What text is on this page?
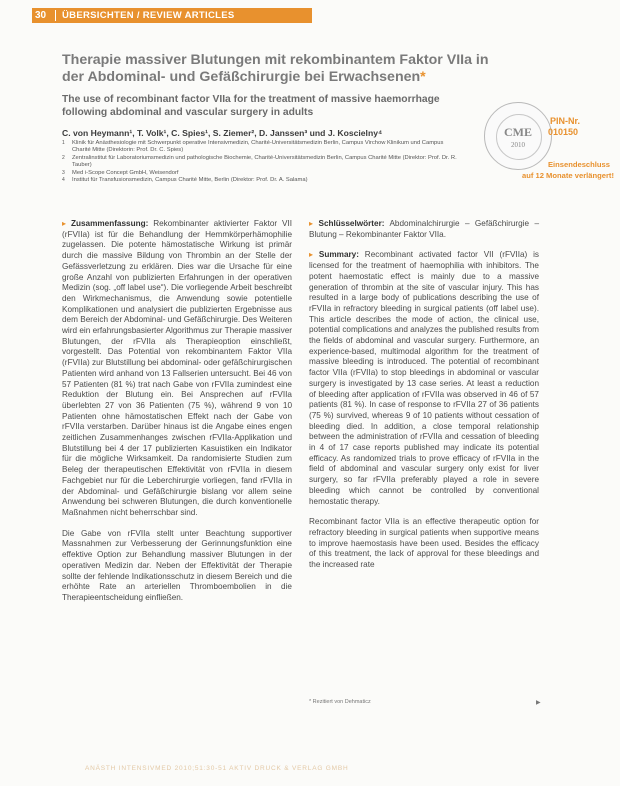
30 ÜBERSICHTEN / REVIEW ARTICLES
Therapie massiver Blutungen mit rekombinantem Faktor VIIa in der Abdominal- und Gefäßchirurgie bei Erwachsenen*
The use of recombinant factor VIIa for the treatment of massive haemorrhage following abdominal and vascular surgery in adults

C. von Heymann¹, T. Volk¹, C. Spies¹, S. Ziemer², D. Janssen³ und J. Koscielny⁴

1 Klinik für Anästhesiologie mit Schwerpunkt operative Intensivmedizin, Charité-Universitätsmedizin Berlin, Campus Virchow Klinikum und Campus Charité Mitte (Direktorin: Prof. Dr. C. Spies)
2 Zentralinstitut für Laboratoriumsmedizin und pathologische Biochemie, Charité-Universitätsmedizin Berlin, Campus Charité Mitte (Direktor: Prof. Dr. R. Tauber)
3 Med i-Scope Concept GmbH, Weisendorf
4 Institut für Transfusionsmedizin, Campus Charité Mitte, Berlin (Direktor: Prof. Dr. A. Salama)
CME
2010
PIN-Nr.
010150
Einsendeschluss
auf 12 Monate verlängert!

▸ Zusammenfassung: Rekombinanter aktivierter Faktor VII (rFVIIa) ist für die Behandlung der Hemmkörperhämophilie zugelassen. Die potente hämostatische Wirkung ist primär durch die massive Bildung von Thrombin an der Stelle der Gefässverletzung zu erklären. Dies war die Ursache für eine große Anzahl von publizierten Erfahrungen in der operativen Medizin (sog. „off label use“). Die vorliegende Arbeit beschreibt den Wirkmechanismus, die Anwendung sowie potentielle Komplikationen und analysiert die publizierten Ergebnisse aus dem Bereich der Abdominal- und Gefäßchirurgie. Des Weiteren wird ein erfahrungsbasierter Algorithmus zur Therapie massiver Blutungen, der rFVIIa als Therapieoption einschließt, vorgestellt. Das Potential von rekombinantem Faktor VIIa (rFVIIa) zur Blutstillung bei abdominal- oder gefäßchirurgischen Patienten wird anhand von 13 Fallserien untersucht. Bei 46 von 57 Patienten (81 %) trat nach Gabe von rFVIIa zumindest eine Reduktion der Blutung ein. Bei Ansprechen auf rFVIIa überlebten 27 von 36 Patienten (75 %), während 9 von 10 Patienten ohne hämostatischen Effekt nach der Gabe von rFVIIa verstarben. Darüber hinaus ist die Angabe eines engen zeitlichen Zusammenhanges zwischen rFVIIa-Applikation und Blutstillung bei 4 der 17 publizierten Kasuistiken ein Indikator für die mögliche Wirksamkeit. Da randomisierte Studien zum Beleg der therapeutischen Effektivität von rFVIIa in diesem Fachgebiet nur für die Leberchirurgie vorliegen, fand rFVIIa in der Abdominal- und Gefäßchirurgie bislang vor allem seine Anwendung bei schweren Blutungen, die durch konventionelle Maßnahmen nicht beherrschbar sind.

Die Gabe von rFVIIa stellt unter Beachtung supportiver Massnahmen zur Verbesserung der Gerinnungsfunktion eine effektive Option zur Behandlung massiver Blutungen in der operativen Medizin dar. Neben der Effektivität der Therapie sollte der fehlende Indikationsschutz in diesem Bereich und die erhöhte Rate an arteriellen Thromboembolien in die Therapieentscheidung einfließen.

▸ Schlüsselwörter: Abdominalchirurgie – Gefäßchirurgie – Blutung – Rekombinanter Faktor VIIa.

▸ Summary: Recombinant activated factor VII (rFVIIa) is licensed for the treatment of haemophilia with inhibitors. The potent haemostatic effect is mainly due to a massive generation of thrombin at the site of vascular injury. This has resulted in a large body of publications describing the use of rFVIIa in refractory bleeding in surgical patients (off label use). This article describes the mode of action, the clinical use, potential complications and analyzes the published results from the fields of abdominal and vascular surgery. Furthermore, an experience-based, multimodal algorithm for the treatment of massive bleeding is introduced. The potential of recombinant factor VIIa (rFVIIa) to stop bleedings in abdominal or vascular surgery is investigated by 13 case series. At least a reduction of bleeding after application of rFVIIa was observed in 46 of 57 patients (81 %). In case of response to rFVIIa 27 of 36 patients (75 %) survived, whereas 9 of 10 patients without cessation of bleeding died. In addition, a close temporal relationship between the administration of rFVIIa and cessation of bleeding in 4 of 17 case reports published may indicate its potential efficacy. As randomized trials to prove efficacy of rFVIIa in the field of abdominal and vascular surgery only exist for liver surgery, so far rFVIIa preferably played a role in severe bleeding which cannot be controlled by conventional hemostatic therapy.

Recombinant factor VIIa is an effective therapeutic option for refractory bleeding in surgical patients when supportive means to improve haemostasis have been used. Besides the efficacy of this treatment, the lack of approval for these bleedings and the increased rate

* Rezitiert von Dehmaticz	▶
ANÄSTH INTENSIVMED 2010;51:30-51 AKTIV DRUCK & VERLAG GMBH
